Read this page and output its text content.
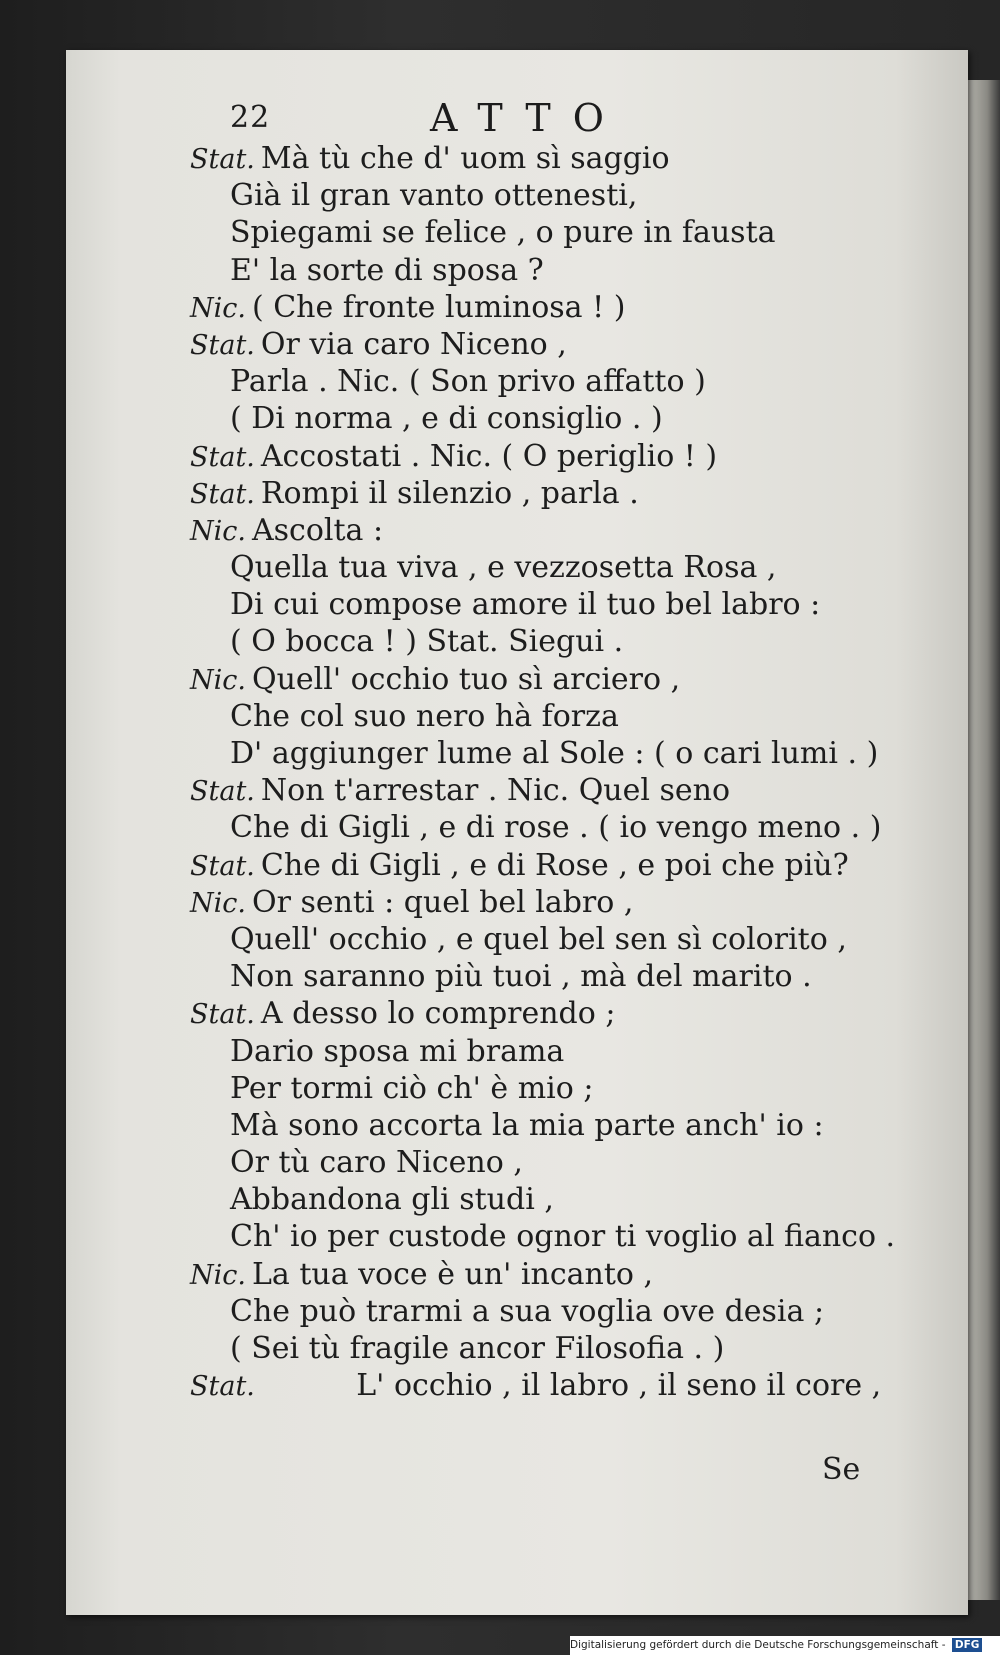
22	ATTO
Stat. Mà tù che d' uom sì saggio
Già il gran vanto ottenesti,
Spiegami se felice , o pure in fausta
E' la sorte di sposa ?
Nic. ( Che fronte luminosa ! )
Stat. Or via caro Niceno ,
Parla . Nic. ( Son privo affatto )
( Di norma , e di consiglio . )
Stat. Accostati . Nic. ( O periglio ! )
Stat. Rompi il silenzio , parla .
Nic. Ascolta :
Quella tua viva , e vezzosetta Rosa ,
Di cui compose amore il tuo bel labro :
( O bocca ! ) Stat. Siegui .
Nic. Quell' occhio tuo sì arciero ,
Che col suo nero hà forza
D' aggiunger lume al Sole : ( o cari lumi . )
Stat. Non t'arrestar . Nic. Quel seno
Che di Gigli , e di rose . ( io vengo meno . )
Stat. Che di Gigli , e di Rose , e poi che più?
Nic. Or senti : quel bel labro ,
Quell' occhio , e quel bel sen sì colorito ,
Non saranno più tuoi , mà del marito .
Stat. A desso lo comprendo ;
Dario sposa mi brama
Per tormi ciò ch' è mio ;
Mà sono accorta la mia parte anch' io :
Or tù caro Niceno ,
Abbandona gli studi ,
Ch' io per custode ognor ti voglio al fianco .
Nic. La tua voce è un' incanto ,
Che può trarmi a sua voglia ove desia ;
( Sei tù fragile ancor Filosofia . )
Stat.          L' occhio , il labro , il seno il core ,
Se
Digitalisierung gefördert durch die Deutsche Forschungsgemeinschaft - DFG
